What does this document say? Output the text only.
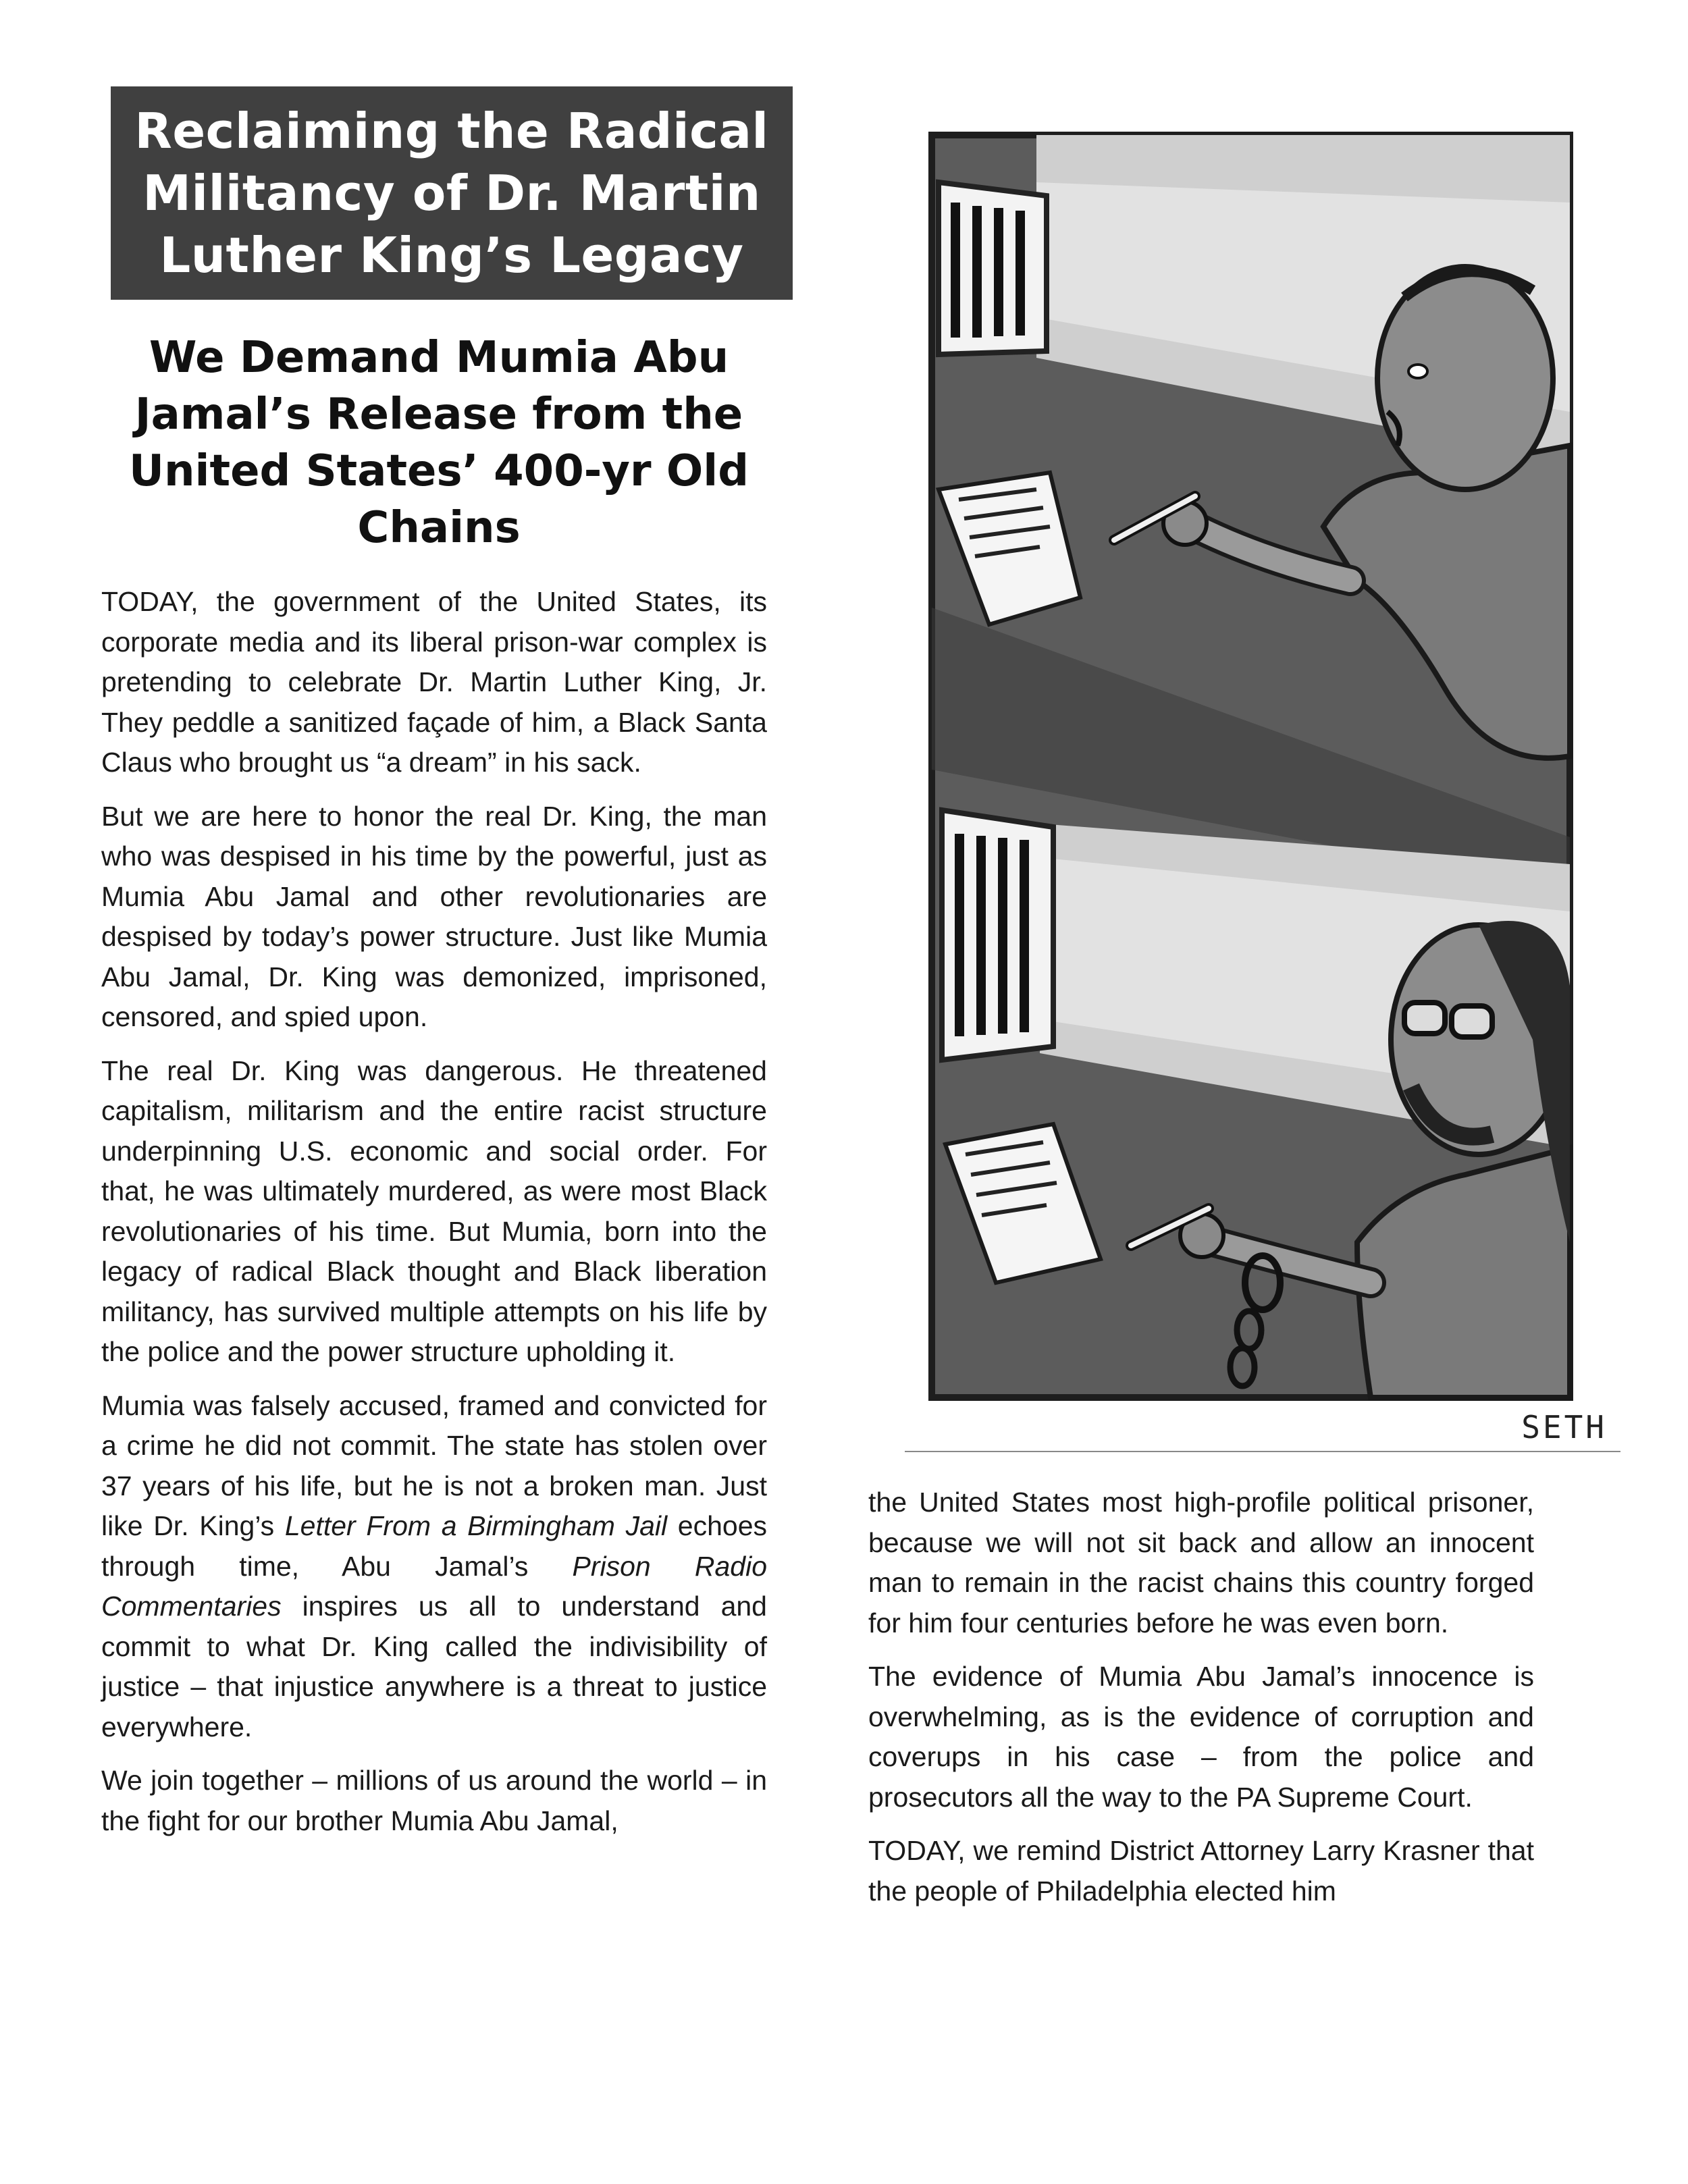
Reclaiming the Radical Militancy of Dr. Martin Luther King’s Legacy
We Demand Mumia Abu Jamal’s Release from the United States’ 400-yr Old Chains

TODAY, the government of the United States, its corporate media and its liberal prison-war complex is pretending to celebrate Dr. Martin Luther King, Jr. They peddle a sanitized façade of him, a Black Santa Claus who brought us “a dream” in his sack.

But we are here to honor the real Dr. King, the man who was despised in his time by the powerful, just as Mumia Abu Jamal and other revolutionaries are despised by today’s power structure. Just like Mumia Abu Jamal, Dr. King was demonized, imprisoned, censored, and spied upon.

The real Dr. King was dangerous. He threatened capitalism, militarism and the entire racist structure underpinning U.S. economic and social order. For that, he was ultimately murdered, as were most Black revolutionaries of his time. But Mumia, born into the legacy of radical Black thought and Black liberation militancy, has survived multiple attempts on his life by the police and the power structure upholding it.

Mumia was falsely accused, framed and convicted for a crime he did not commit. The state has stolen over 37 years of his life, but he is not a broken man. Just like Dr. King’s Letter From a Birmingham Jail echoes through time, Abu Jamal’s Prison Radio Commentaries inspires us all to understand and commit to what Dr. King called the indivisibility of justice – that injustice anywhere is a threat to justice everywhere.

We join together – millions of us around the world – in the fight for our brother Mumia Abu Jamal,

the United States most high-profile political prisoner, because we will not sit back and allow an innocent man to remain in the racist chains this country forged for him four centuries before he was even born.

The evidence of Mumia Abu Jamal’s innocence is overwhelming, as is the evidence of corruption and coverups in his case – from the police and prosecutors all the way to the PA Supreme Court.

TODAY, we remind District Attorney Larry Krasner that the people of Philadelphia elected him

SETH
